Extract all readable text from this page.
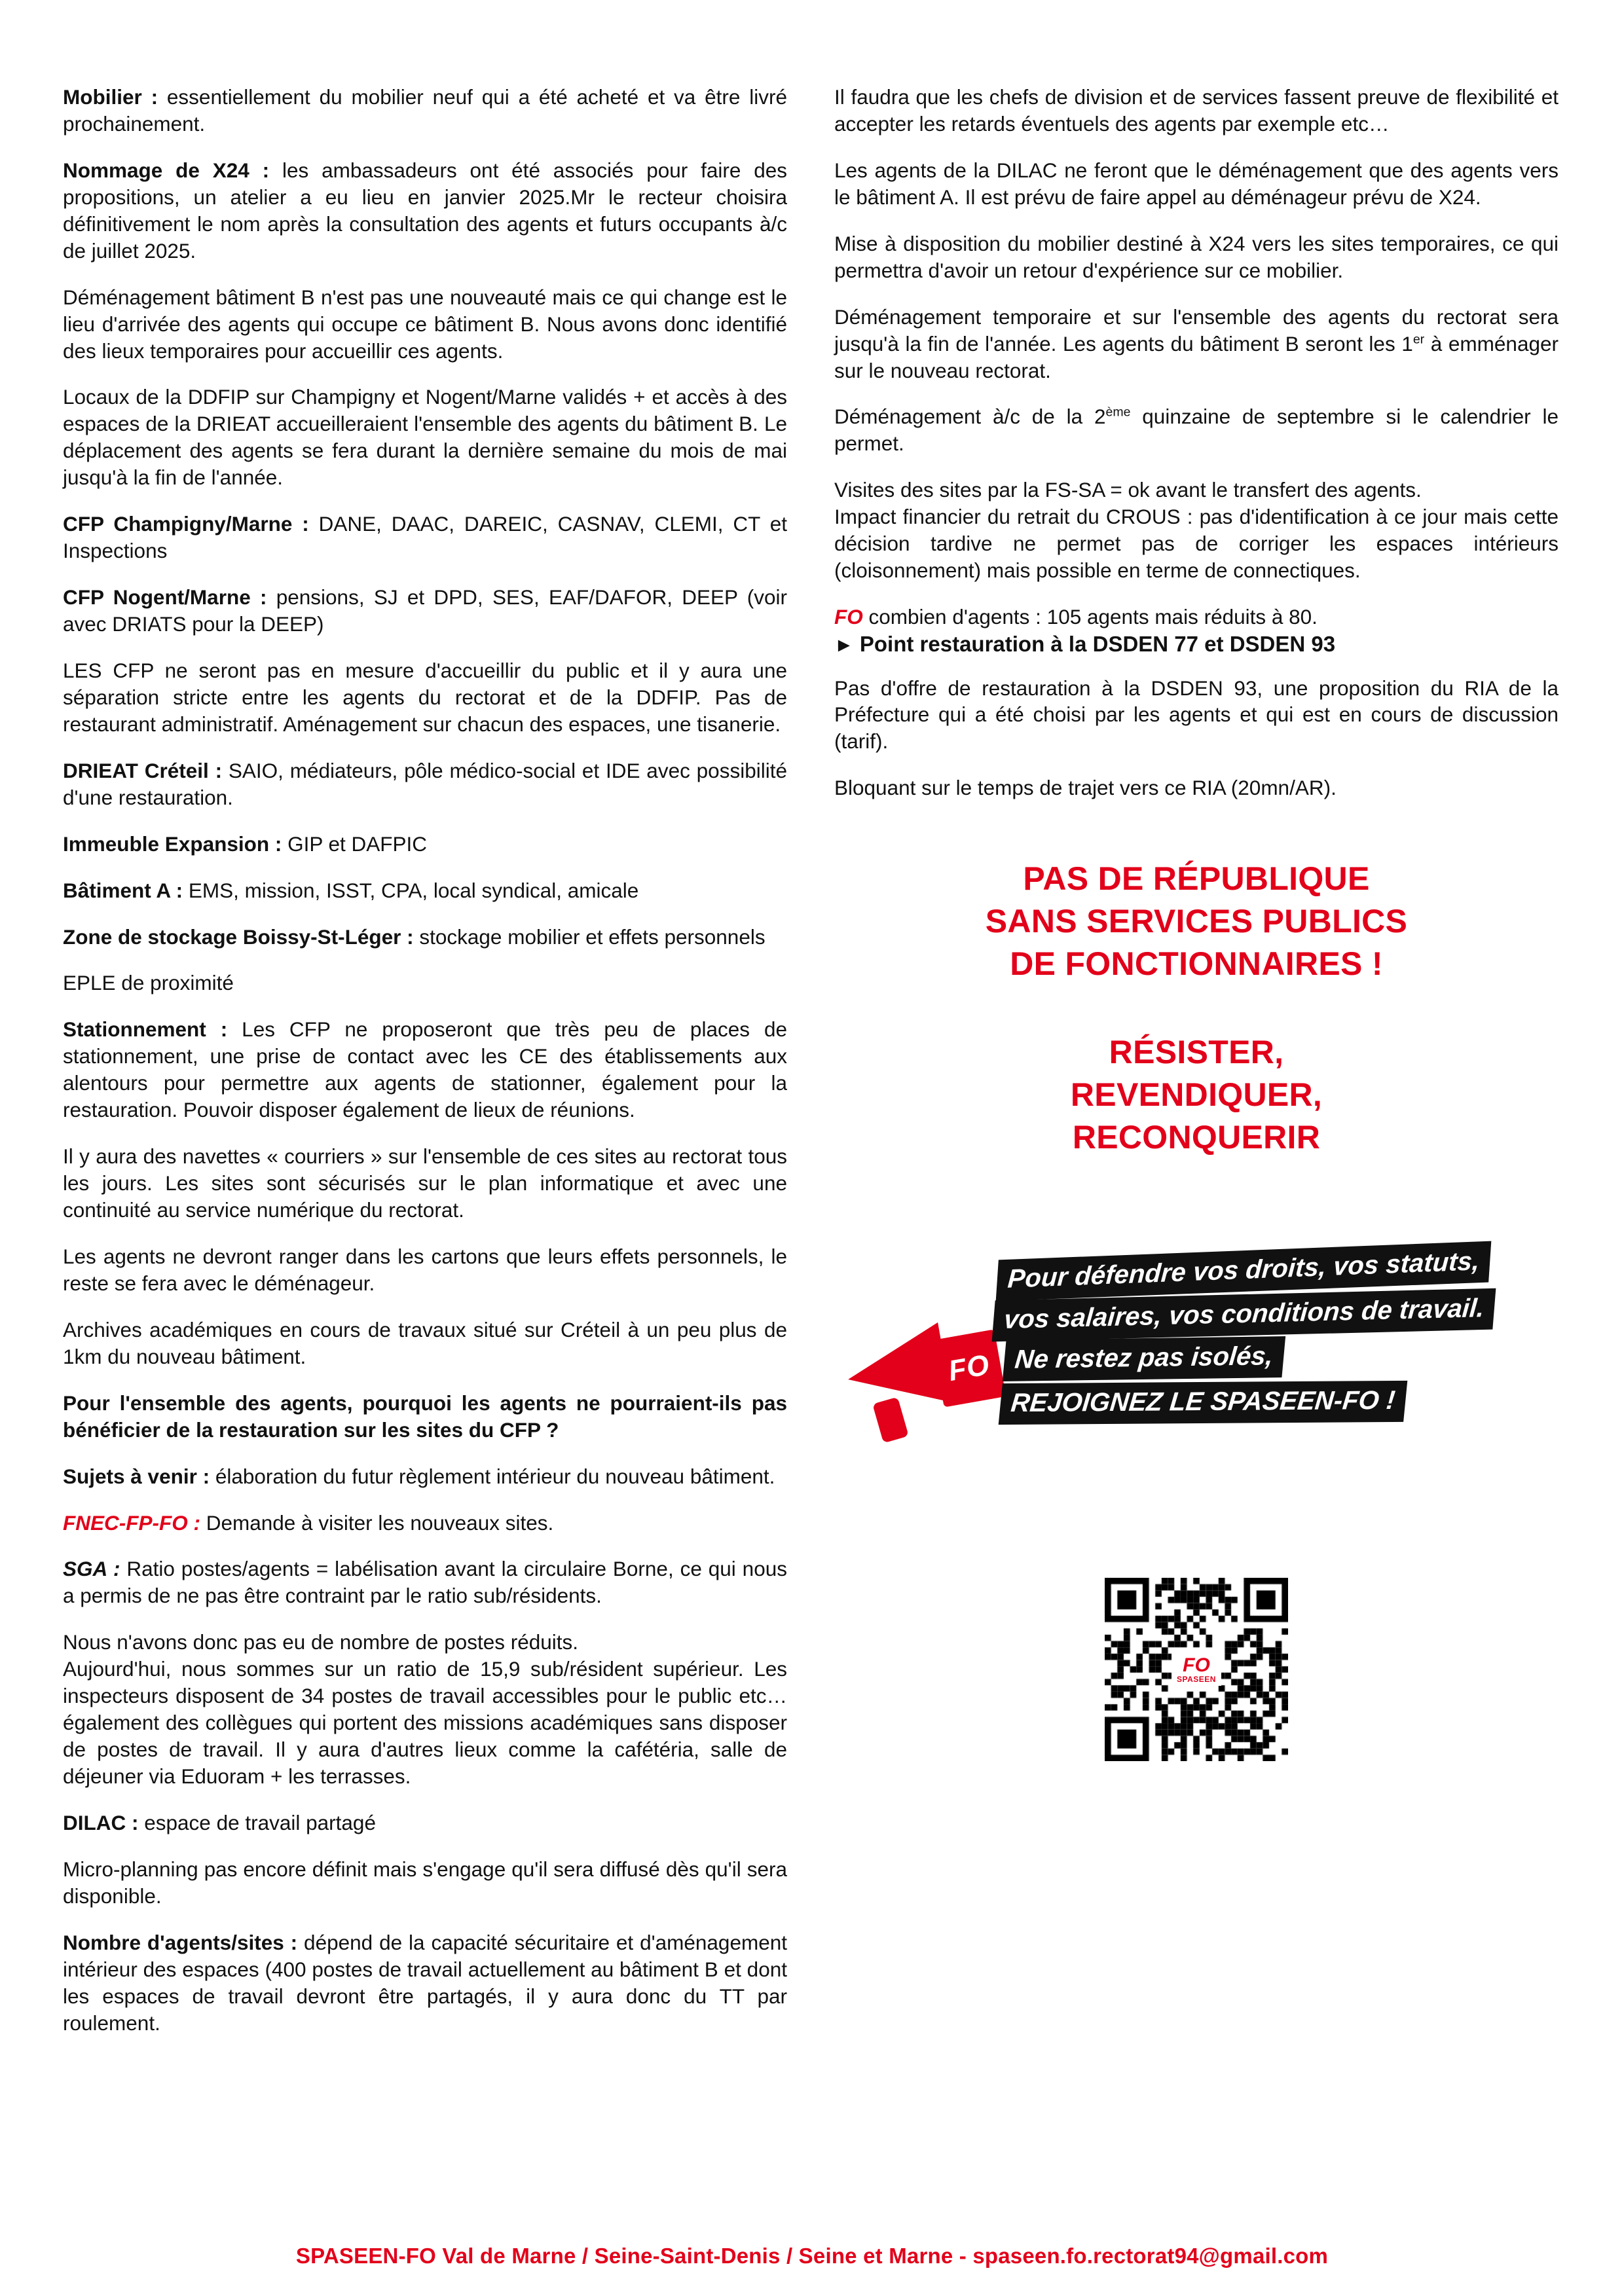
Mobilier : essentiellement du mobilier neuf qui a été acheté et va être livré prochainement.

Nommage de X24 : les ambassadeurs ont été associés pour faire des propositions, un atelier a eu lieu en janvier 2025.Mr le recteur choisira définitivement le nom après la consultation des agents et futurs occupants à/c de juillet 2025.

Déménagement bâtiment B n'est pas une nouveauté mais ce qui change est le lieu d'arrivée des agents qui occupe ce bâtiment B. Nous avons donc identifié des lieux temporaires pour accueillir ces agents.

Locaux de la DDFIP sur Champigny et Nogent/Marne validés + et accès à des espaces de la DRIEAT accueilleraient l'ensemble des agents du bâtiment B. Le déplacement des agents se fera durant la dernière semaine du mois de mai jusqu'à la fin de l'année.

CFP Champigny/Marne : DANE, DAAC, DAREIC, CASNAV, CLEMI, CT et Inspections

CFP Nogent/Marne : pensions, SJ et DPD, SES, EAF/DAFOR, DEEP (voir avec DRIATS pour la DEEP)

LES CFP ne seront pas en mesure d'accueillir du public et il y aura une séparation stricte entre les agents du rectorat et de la DDFIP. Pas de restaurant administratif. Aménagement sur chacun des espaces, une tisanerie.

DRIEAT Créteil : SAIO, médiateurs, pôle médico-social et IDE avec possibilité d'une restauration.

Immeuble Expansion : GIP et DAFPIC

Bâtiment A : EMS, mission, ISST, CPA, local syndical, amicale

Zone de stockage Boissy-St-Léger : stockage mobilier et effets personnels

EPLE de proximité

Stationnement : Les CFP ne proposeront que très peu de places de stationnement, une prise de contact avec les CE des établissements aux alentours pour permettre aux agents de stationner, également pour la restauration. Pouvoir disposer également de lieux de réunions.

Il y aura des navettes « courriers » sur l'ensemble de ces sites au rectorat tous les jours. Les sites sont sécurisés sur le plan informatique et avec une continuité au service numérique du rectorat.

Les agents ne devront ranger dans les cartons que leurs effets personnels, le reste se fera avec le déménageur.

Archives académiques en cours de travaux situé sur Créteil à un peu plus de 1km du nouveau bâtiment.

Pour l'ensemble des agents, pourquoi les agents ne pourraient-ils pas bénéficier de la restauration sur les sites du CFP ?

Sujets à venir : élaboration du futur règlement intérieur du nouveau bâtiment.

FNEC-FP-FO : Demande à visiter les nouveaux sites.

SGA : Ratio postes/agents = labélisation avant la circulaire Borne, ce qui nous a permis de ne pas être contraint par le ratio sub/résidents.

Nous n'avons donc pas eu de nombre de postes réduits.
Aujourd'hui, nous sommes sur un ratio de 15,9 sub/résident supérieur. Les inspecteurs disposent de 34 postes de travail accessibles pour le public etc…également des collègues qui portent des missions académiques sans disposer de postes de travail. Il y aura d'autres lieux comme la cafétéria, salle de déjeuner via Eduoram + les terrasses.

DILAC : espace de travail partagé

Micro-planning pas encore définit mais s'engage qu'il sera diffusé dès qu'il sera disponible.

Nombre d'agents/sites : dépend de la capacité sécuritaire et d'aménagement intérieur des espaces (400 postes de travail actuellement au bâtiment B et dont les espaces de travail devront être partagés, il y aura donc du TT par roulement.

Il faudra que les chefs de division et de services fassent preuve de flexibilité et accepter les retards éventuels des agents par exemple etc…

Les agents de la DILAC ne feront que le déménagement que des agents vers le bâtiment A. Il est prévu de faire appel au déménageur prévu de X24.

Mise à disposition du mobilier destiné à X24 vers les sites temporaires, ce qui permettra d'avoir un retour d'expérience sur ce mobilier.

Déménagement temporaire et sur l'ensemble des agents du rectorat sera jusqu'à la fin de l'année. Les agents du bâtiment B seront les 1er à emménager sur le nouveau rectorat.

Déménagement à/c de la 2ème quinzaine de septembre si le calendrier le permet.

Visites des sites par la FS-SA = ok avant le transfert des agents.
Impact financier du retrait du CROUS : pas d'identification à ce jour mais cette décision tardive ne permet pas de corriger les espaces intérieurs (cloisonnement) mais possible en terme de connectiques.

FO combien d'agents : 105 agents mais réduits à 80.

► Point restauration à la DSDEN 77 et DSDEN 93

Pas d'offre de restauration à la DSDEN 93, une proposition du RIA de la Préfecture qui a été choisi par les agents et qui est en cours de discussion (tarif).

Bloquant sur le temps de trajet vers ce RIA (20mn/AR).

PAS DE RÉPUBLIQUE
SANS SERVICES PUBLICS
DE FONCTIONNAIRES !
RÉSISTER,
REVENDIQUER,
RECONQUERIR
FO
Pour défendre vos droits, vos statuts,
vos salaires, vos conditions de travail.
Ne restez pas isolés,
REJOIGNEZ LE SPASEEN-FO !
FO
SPASEEN
SPASEEN-FO Val de Marne / Seine-Saint-Denis / Seine et Marne - spaseen.fo.rectorat94@gmail.com
